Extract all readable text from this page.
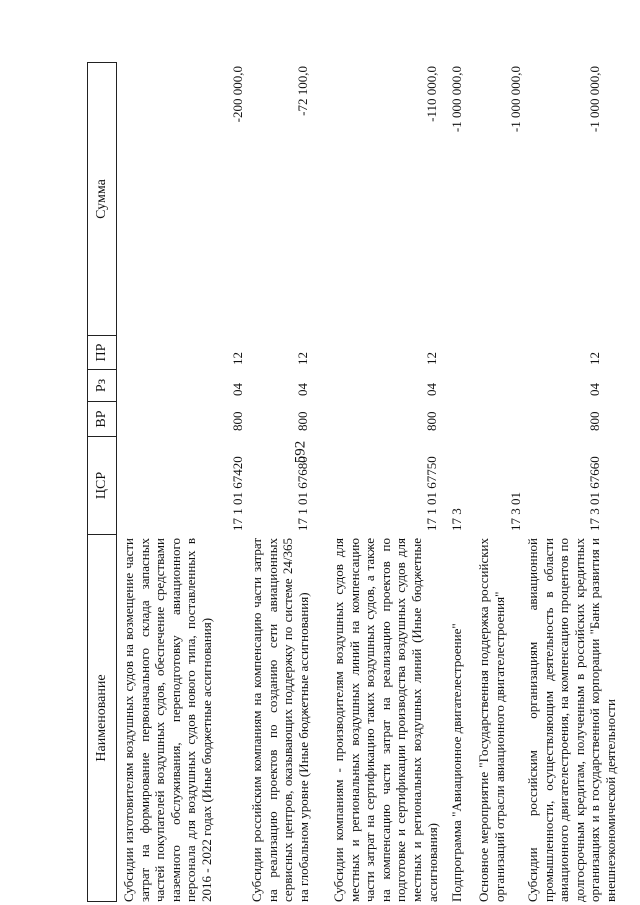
592
Наименование
ЦСР
ВР
Рз
ПР
Сумма
Субсидии изготовителям воздушных судов на возмещение части затрат на формирование первоначального склада запасных частей покупателей воздушных судов, обеспечение средствами наземного обслуживания, переподготовку авиационного персонала для воздушных судов нового типа, поставленных в 2016 - 2022 годах (Иные бюджетные ассигнования)
17 1 01 67420
800
04
12
-200 000,0
Субсидии российским компаниям на компенсацию части затрат на реализацию проектов по созданию сети авиационных сервисных центров, оказывающих поддержку по системе 24/365 на глобальном уровне (Иные бюджетные ассигнования)
17 1 01 67680
800
04
12
-72 100,0
Субсидии компаниям - производителям воздушных судов для местных и региональных воздушных линий на компенсацию части затрат на сертификацию таких воздушных судов, а также на компенсацию части затрат на реализацию проектов по подготовке и сертификации производства воздушных судов для местных и региональных воздушных линий (Иные бюджетные ассигнования)
17 1 01 67750
800
04
12
-110 000,0
Подпрограмма "Авиационное двигателестроение"
17 3
-1 000 000,0
Основное мероприятие "Государственная поддержка российских организаций отрасли авиационного двигателестроения"
17 3 01
-1 000 000,0
Субсидии российским организациям авиационной промышленности, осуществляющим деятельность в области авиационного двигателестроения, на компенсацию процентов по долгосрочным кредитам, полученным в российских кредитных организациях и в государственной корпорации "Банк развития и внешнеэкономической деятельности
17 3 01 67660
800
04
12
-1 000 000,0
